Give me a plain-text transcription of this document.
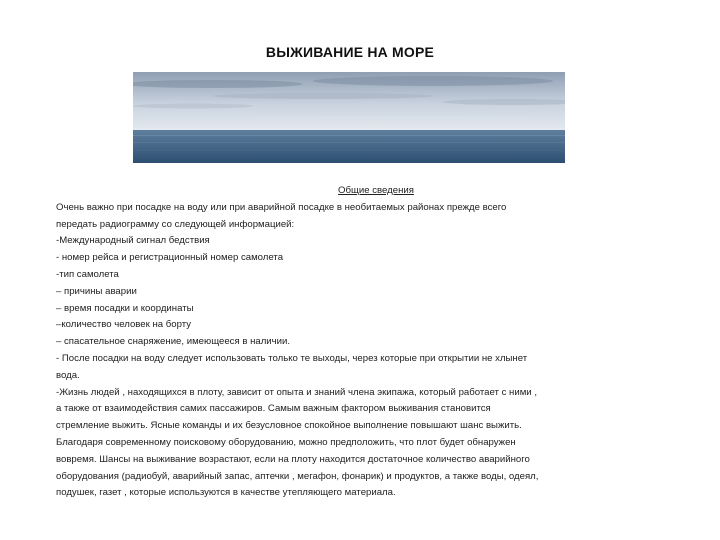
ВЫЖИВАНИЕ НА МОРЕ
Общие сведения
Очень важно при посадке на воду или при аварийной посадке в необитаемых районах прежде всего
передать радиограмму со следующей информацией:
-Международный сигнал бедствия
- номер рейса и регистрационный номер самолета
-тип самолета
– причины аварии
– время посадки и координаты
–количество человек на борту
– спасательное снаряжение, имеющееся в наличии.
- После посадки на воду следует использовать только те выходы, через которые при открытии не хлынет
вода.
-Жизнь людей , находящихся в плоту, зависит от опыта и знаний члена экипажа, который работает с ними ,
а также от взаимодействия самих пассажиров. Самым важным фактором выживания становится
стремление выжить. Ясные команды и их безусловное спокойное выполнение повышают шанс выжить.
Благодаря современному поисковому оборудованию, можно предположить, что плот будет обнаружен
вовремя. Шансы на выживание возрастают, если на плоту находится достаточное количество аварийного
оборудования (радиобуй, аварийный запас, аптечки , мегафон, фонарик) и продуктов, а также воды, одеял,
подушек, газет , которые используются в качестве утепляющего материала.
